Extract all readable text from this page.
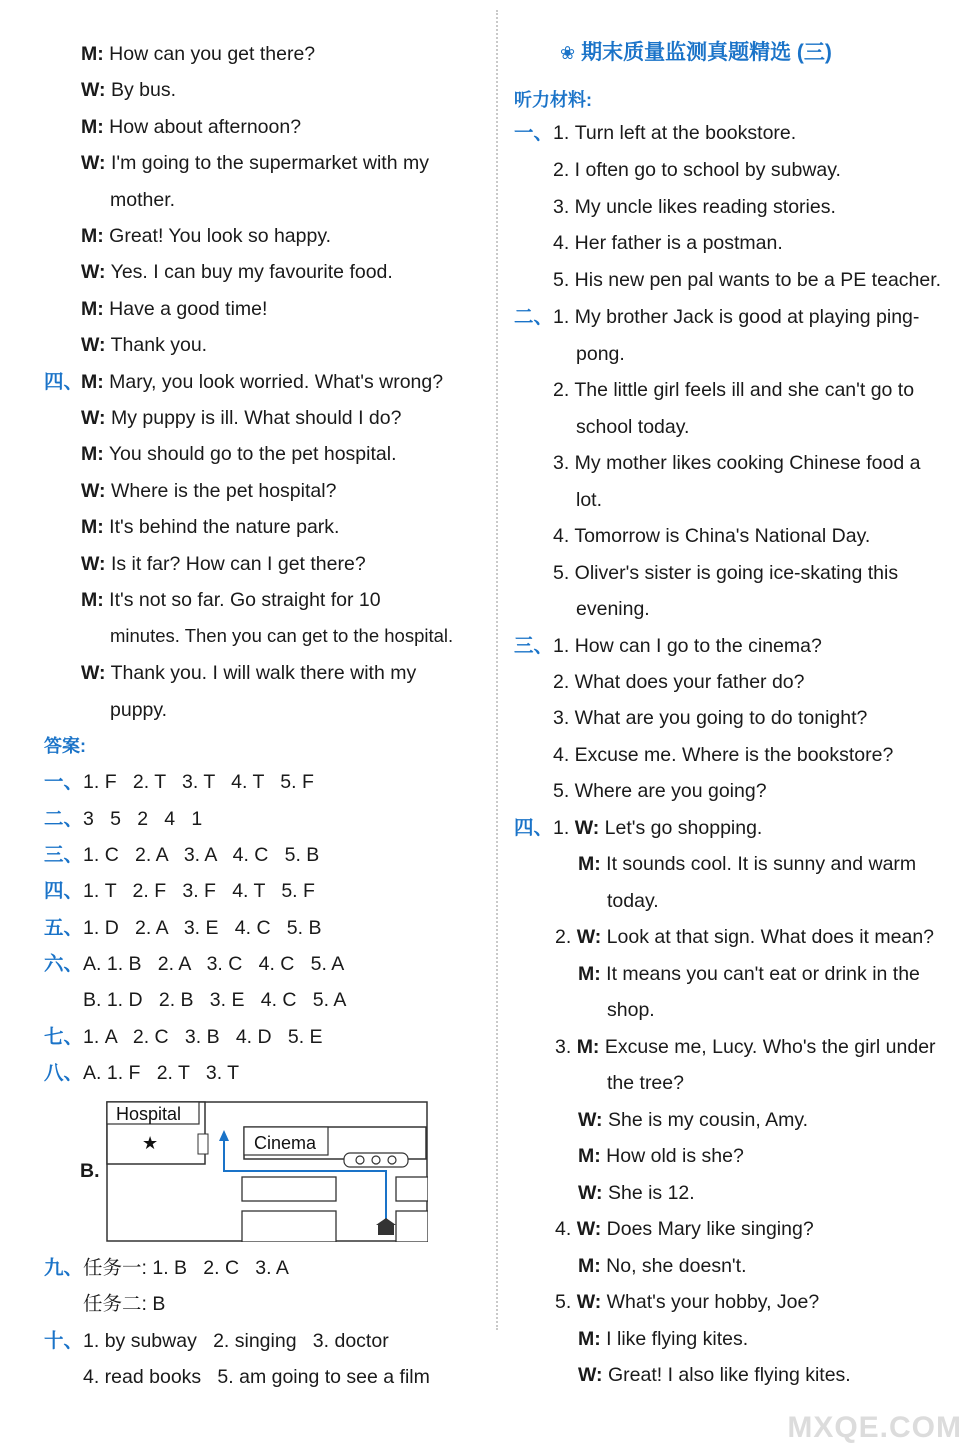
M: How can you get there?
W: By bus.
M: How about afternoon?
W: I'm going to the supermarket with my
mother.
M: Great! You look so happy.
W: Yes. I can buy my favourite food.
M: Have a good time!
W: Thank you.
四、
M: Mary, you look worried. What's wrong?
W: My puppy is ill. What should I do?
M: You should go to the pet hospital.
W: Where is the pet hospital?
M: It's behind the nature park.
W: Is it far? How can I get there?
M: It's not so far. Go straight for 10
minutes. Then you can get to the hospital.
W: Thank you. I will walk there with my
puppy.
答案:
一、1. F   2. T   3. T   4. T   5. F
二、3   5   2   4   1
三、1. C   2. A   3. A   4. C   5. B
四、1. T   2. F   3. F   4. T   5. F
五、1. D   2. A   3. E   4. C   5. B
六、A. 1. B   2. A   3. C   4. C   5. A
B. 1. D   2. B   3. E   4. C   5. A
七、1. A   2. C   3. B   4. D   5. E
八、A. 1. F   2. T   3. T
B.
Hospital
★	Cinema
九、任务一: 1. B   2. C   3. A
任务二: B
十、1. by subway   2. singing   3. doctor
4. read books   5. am going to see a film
❀ 期末质量监测真题精选 (三)
听力材料:
一、1. Turn left at the bookstore.
2. I often go to school by subway.
3. My uncle likes reading stories.
4. Her father is a postman.
5. His new pen pal wants to be a PE teacher.
二、1. My brother Jack is good at playing ping-
pong.
2. The little girl feels ill and she can't go to
school today.
3. My mother likes cooking Chinese food a
lot.
4. Tomorrow is China's National Day.
5. Oliver's sister is going ice-skating this
evening.
三、1. How can I go to the cinema?
2. What does your father do?
3. What are you going to do tonight?
4. Excuse me. Where is the bookstore?
5. Where are you going?
四、1. W: Let's go shopping.
M: It sounds cool. It is sunny and warm
today.
2. W: Look at that sign. What does it mean?
M: It means you can't eat or drink in the
shop.
3. M: Excuse me, Lucy. Who's the girl under
the tree?
W: She is my cousin, Amy.
M: How old is she?
W: She is 12.
4. W: Does Mary like singing?
M: No, she doesn't.
5. W: What's your hobby, Joe?
M: I like flying kites.
W: Great! I also like flying kites.
MXQE.COM
